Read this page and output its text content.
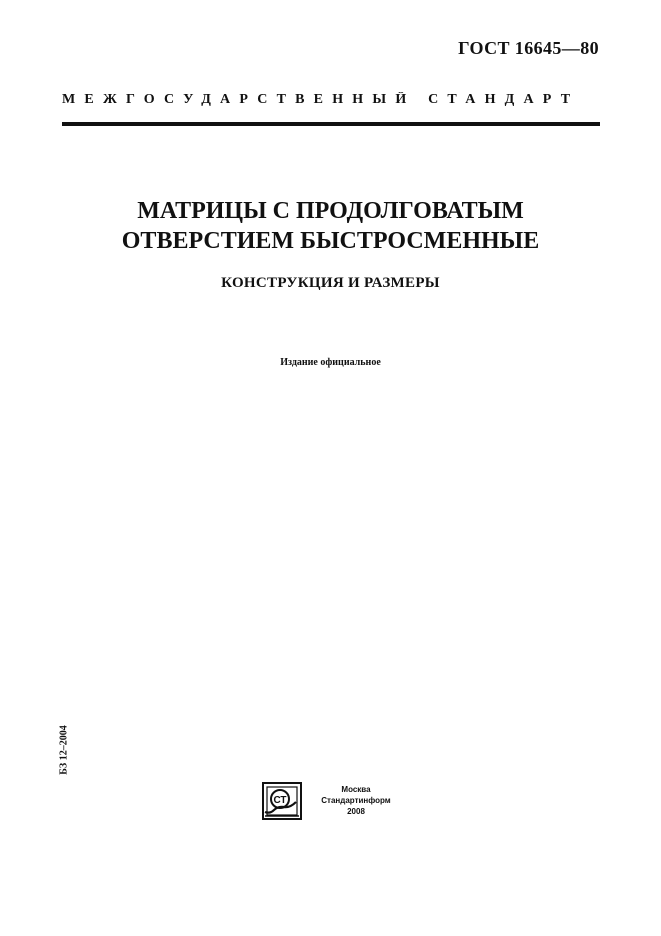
ГОСТ 16645—80
МЕЖГОСУДАРСТВЕННЫЙ СТАНДАРТ
МАТРИЦЫ С ПРОДОЛГОВАТЫМ
ОТВЕРСТИЕМ БЫСТРОСМЕННЫЕ
КОНСТРУКЦИЯ И РАЗМЕРЫ
Издание официальное
БЗ 12–2004
СТ
Москва
Стандартинформ
2008
